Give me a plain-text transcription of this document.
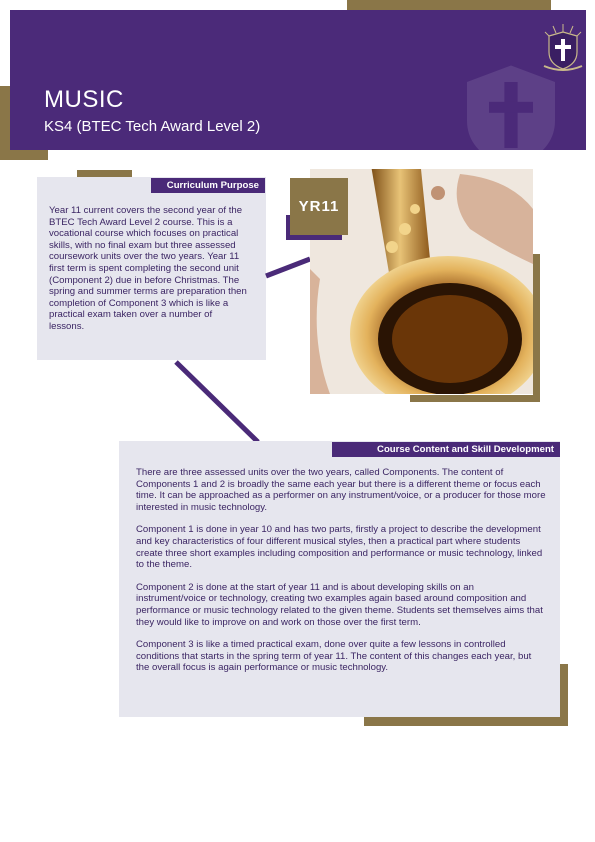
MUSIC
KS4 (BTEC Tech Award Level 2)
Curriculum Purpose
Year 11 current covers the second year of the BTEC Tech Award Level 2 course. This is a vocational course which focuses on practical skills, with no final exam but three assessed coursework units over the two years. Year 11 first term is spent completing the second unit (Component 2) due in before Christmas. The spring and summer terms are preparation then completion of Component 3 which is like a practical exam taken over a number of lessons.
YR11
Course Content and Skill Development

There are three assessed units over the two years, called Components. The content of Components 1 and 2 is broadly the same each year but there is a different theme or focus each time. It can be approached as a performer on any instrument/voice, or a producer for those more interested in music technology.

Component 1 is done in year 10 and has two parts, firstly a project to describe the development and key characteristics of four different musical styles, then a practical part where students create three short examples including composition and performance or music technology, linked to the theme.

Component 2 is done at the start of year 11 and is about developing skills on an instrument/voice or technology, creating two examples again based around composition and performance or music technology related to the given theme. Students set themselves aims that they would like to improve on and work on those over the first term.

Component 3 is like a timed practical exam, done over quite a few lessons in controlled conditions that starts in the spring term of year 11. The content of this changes each year, but the overall focus is again performance or music technology.
